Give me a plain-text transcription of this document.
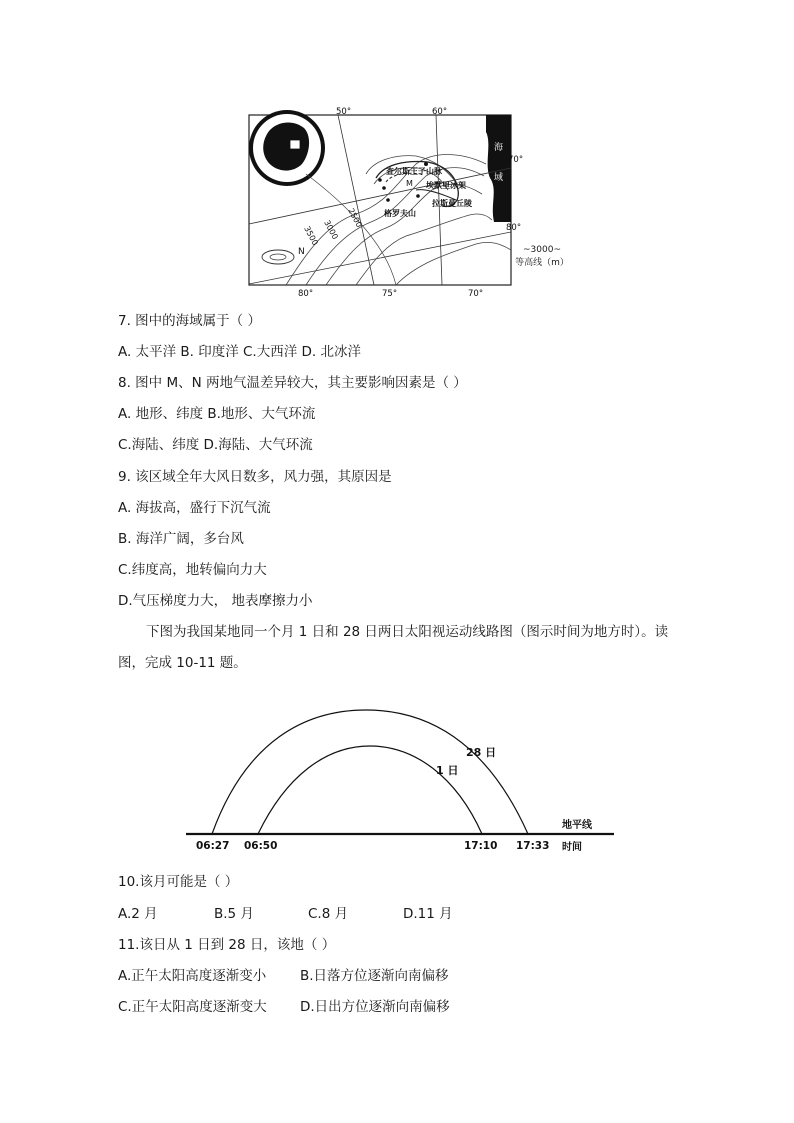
50°	60°
70°
80°
80°	75°	70°
3500 3000
2500
海域
查尔斯王子山脉
埃默里冰架
拉斯曼丘陵
格罗夫山
M
N	~3000~
等高线（m）
7. 图中的海域属于（ ）
A. 太平洋 B. 印度洋 C.大西洋 D. 北冰洋
8. 图中 M、N 两地气温差异较大，其主要影响因素是（ ）
A. 地形、纬度 B.地形、大气环流
C.海陆、纬度 D.海陆、大气环流
9. 该区域全年大风日数多，风力强，其原因是
A. 海拔高，盛行下沉气流
B. 海洋广阔，多台风
C.纬度高，地转偏向力大
D.气压梯度力大， 地表摩擦力小
下图为我国某地同一个月 1 日和 28 日两日太阳视运动线路图（图示时间为地方时）。读图，完成 10-11 题。
28 日
1 日
地平线
时间
06:27 06:50	17:10 17:33
10.该月可能是（ ）
A.2 月	B.5 月	C.8 月	D.11 月
11.该日从 1 日到 28 日，该地（ ）
A.正午太阳高度逐渐变小 B.日落方位逐渐向南偏移
C.正午太阳高度逐渐变大 D.日出方位逐渐向南偏移
